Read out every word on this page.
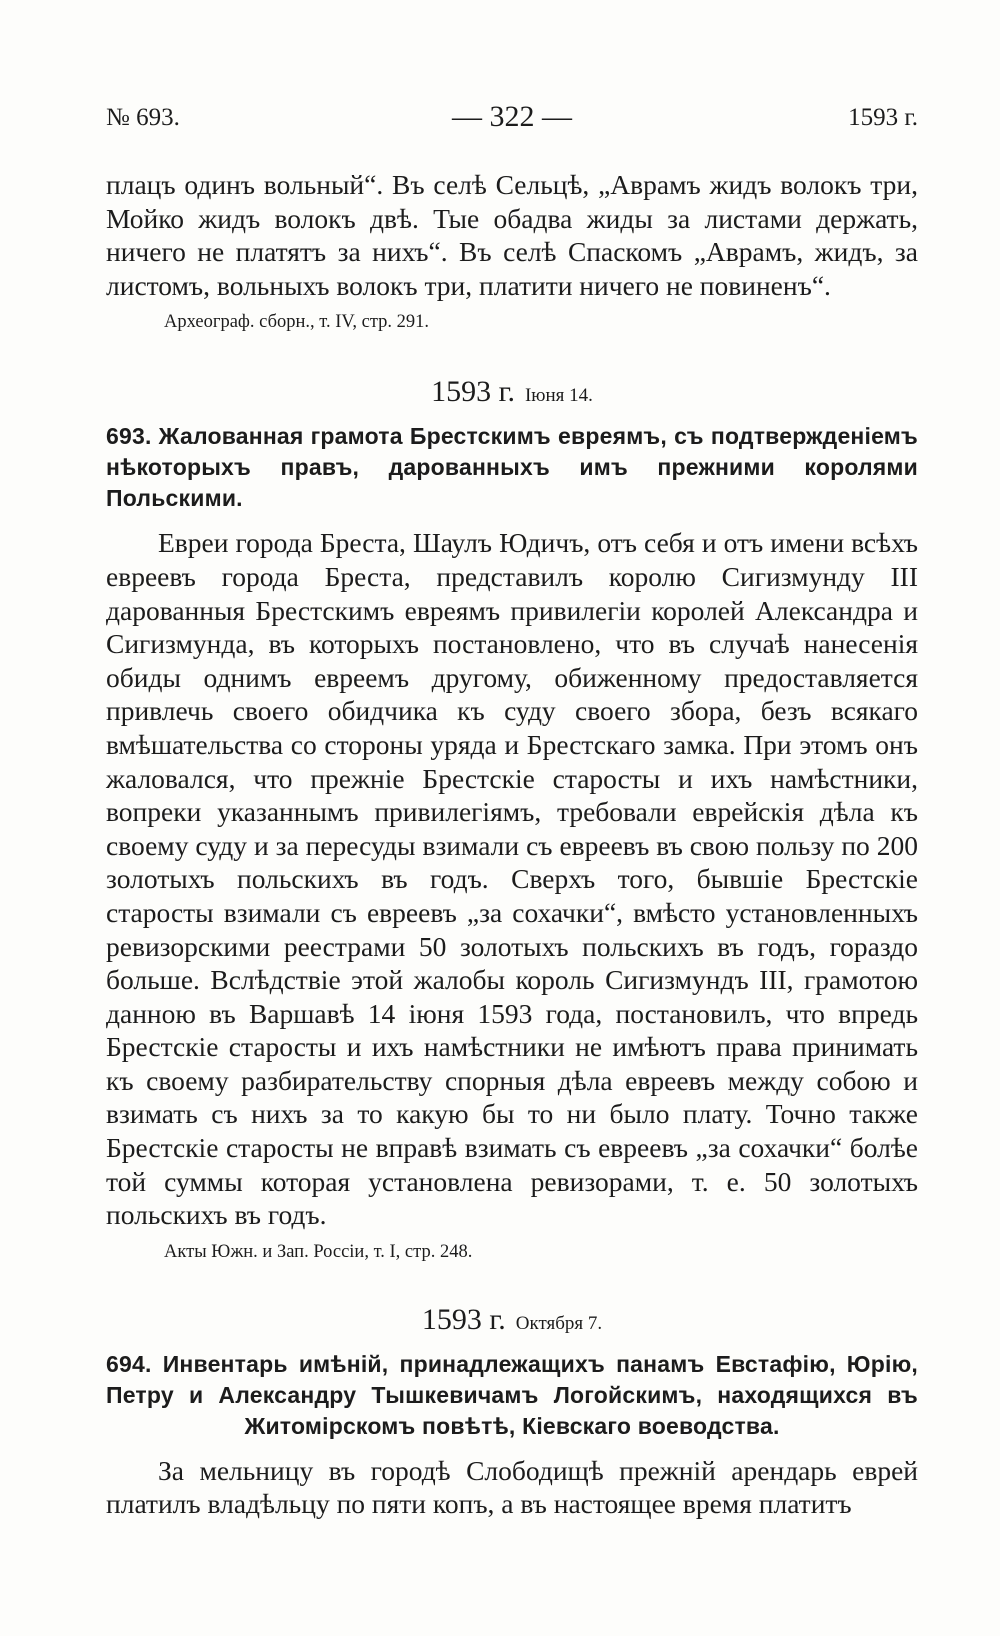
№ 693.	— 322 —	1593 г.

плацъ одинъ вольный“. Въ селѣ Сельцѣ, „Аврамъ жидъ волокъ три, Мойко жидъ волокъ двѣ. Тые обадва жиды за листами держать, ничего не платятъ за нихъ“. Въ селѣ Спаскомъ „Аврамъ, жидъ, за листомъ, вольныхъ волокъ три, платити ничего не повиненъ“.

Археограф. сборн., т. IV, стр. 291.

1593 г. Іюня 14.

693. Жалованная грамота Брестскимъ евреямъ, съ подтвержденіемъ нѣкоторыхъ правъ, дарованныхъ имъ прежними королями Польскими.

Евреи города Бреста, Шаулъ Юдичъ, отъ себя и отъ имени всѣхъ евреевъ города Бреста, представилъ королю Сигизмунду III дарованныя Брестскимъ евреямъ привилегіи королей Александра и Сигизмунда, въ которыхъ постановлено, что въ случаѣ нанесенія обиды однимъ евреемъ другому, обиженному предоставляется привлечь своего обидчика къ суду своего збора, безъ всякаго вмѣшательства со стороны уряда и Брестскаго замка. При этомъ онъ жаловался, что прежніе Брестскіе старосты и ихъ намѣстники, вопреки указаннымъ привилегіямъ, требовали еврейскія дѣла къ своему суду и за пересуды взимали съ евреевъ въ свою пользу по 200 золотыхъ польскихъ въ годъ. Сверхъ того, бывшіе Брестскіе старосты взимали съ евреевъ „за сохачки“, вмѣсто установленныхъ ревизорскими реестрами 50 золотыхъ польскихъ въ годъ, гораздо больше. Вслѣдствіе этой жалобы король Сигизмундъ III, грамотою данною въ Варшавѣ 14 іюня 1593 года, постановилъ, что впредь Брестскіе старосты и ихъ намѣстники не имѣютъ права принимать къ своему разбирательству спорныя дѣла евреевъ между собою и взимать съ нихъ за то какую бы то ни было плату. Точно также Брестскіе старосты не вправѣ взимать съ евреевъ „за сохачки“ болѣе той суммы которая установлена ревизорами, т. е. 50 золотыхъ польскихъ въ годъ.

Акты Южн. и Зап. Россіи, т. I, стр. 248.

1593 г. Октября 7.

694. Инвентарь имѣній, принадлежащихъ панамъ Евстафію, Юрію, Петру и Александру Тышкевичамъ Логойскимъ, находящихся въ Житомірскомъ повѣтѣ, Кіевскаго воеводства.

За мельницу въ городѣ Слободищѣ прежній арендарь еврей платилъ владѣльцу по пяти копъ, а въ настоящее время платитъ
